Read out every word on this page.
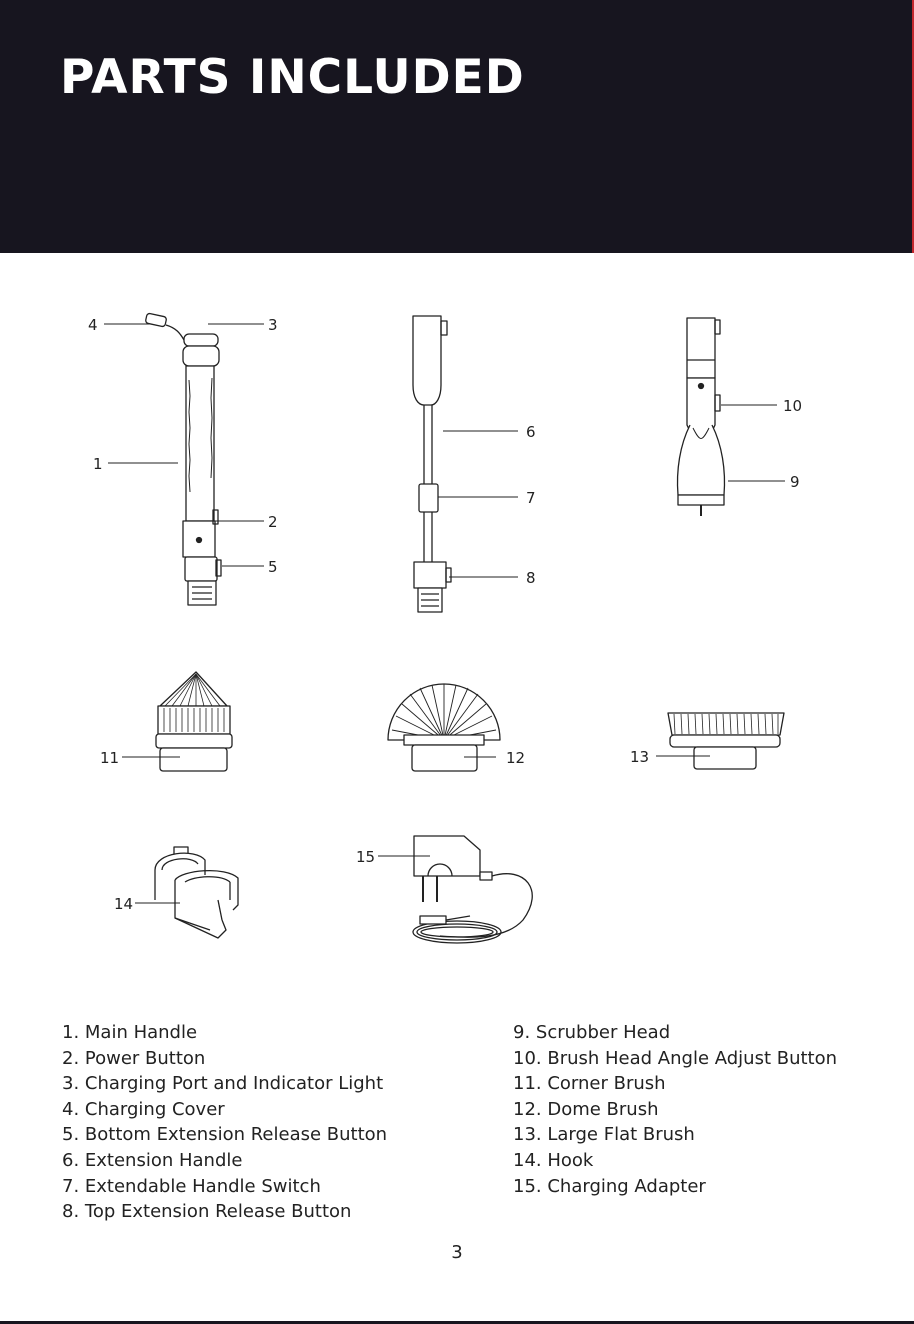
PARTS INCLUDED
4	3
1
2
5
6
7
8
10
9
11	12	13
14
15
1. Main Handle
2. Power Button
3. Charging Port and Indicator Light
4. Charging Cover
5. Bottom Extension Release Button
6. Extension Handle
7. Extendable Handle Switch
8. Top Extension Release Button
9. Scrubber Head
10. Brush Head Angle Adjust Button
11. Corner Brush
12. Dome Brush
13. Large Flat Brush
14. Hook
15. Charging Adapter
3
